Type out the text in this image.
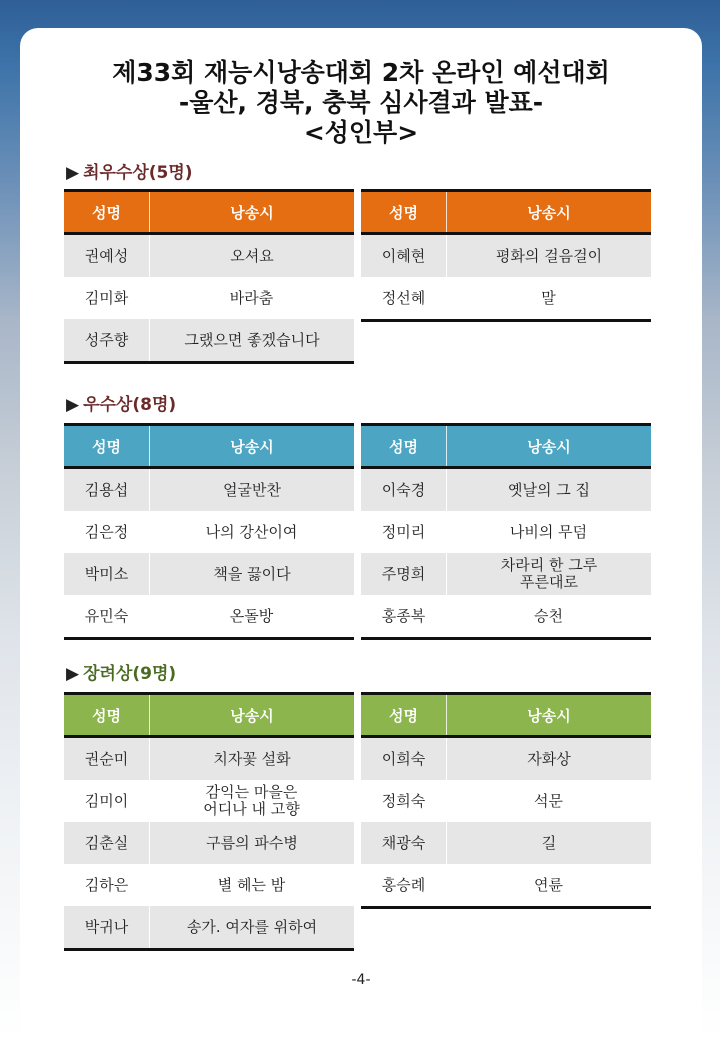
제33회 재능시낭송대회 2차 온라인 예선대회
-울산, 경북, 충북 심사결과 발표-
<성인부>
▶ 최우수상(5명)
성명	낭송시
권예성	오셔요
김미화	바라춤
성주향	그랬으면 좋겠습니다
성명	낭송시
이혜현	평화의 걸음걸이
정선혜	말
▶ 우수상(8명)
성명	낭송시
김용섭	얼굴반찬
김은정	나의 강산이여
박미소	책을 끓이다
유민숙	온돌방
성명	낭송시
이숙경	옛날의 그 집
정미리	나비의 무덤
주명희	차라리 한 그루
푸른대로
홍종복	승천
▶ 장려상(9명)
성명	낭송시
권순미	치자꽃 설화
김미이	감익는 마을은
어디나 내 고향
김춘실	구름의 파수병
김하은	별 헤는 밤
박귀나	송가. 여자를 위하여
성명	낭송시
이희숙	자화상
정희숙	석문
채광숙	길
홍승례	연륜
-4-
